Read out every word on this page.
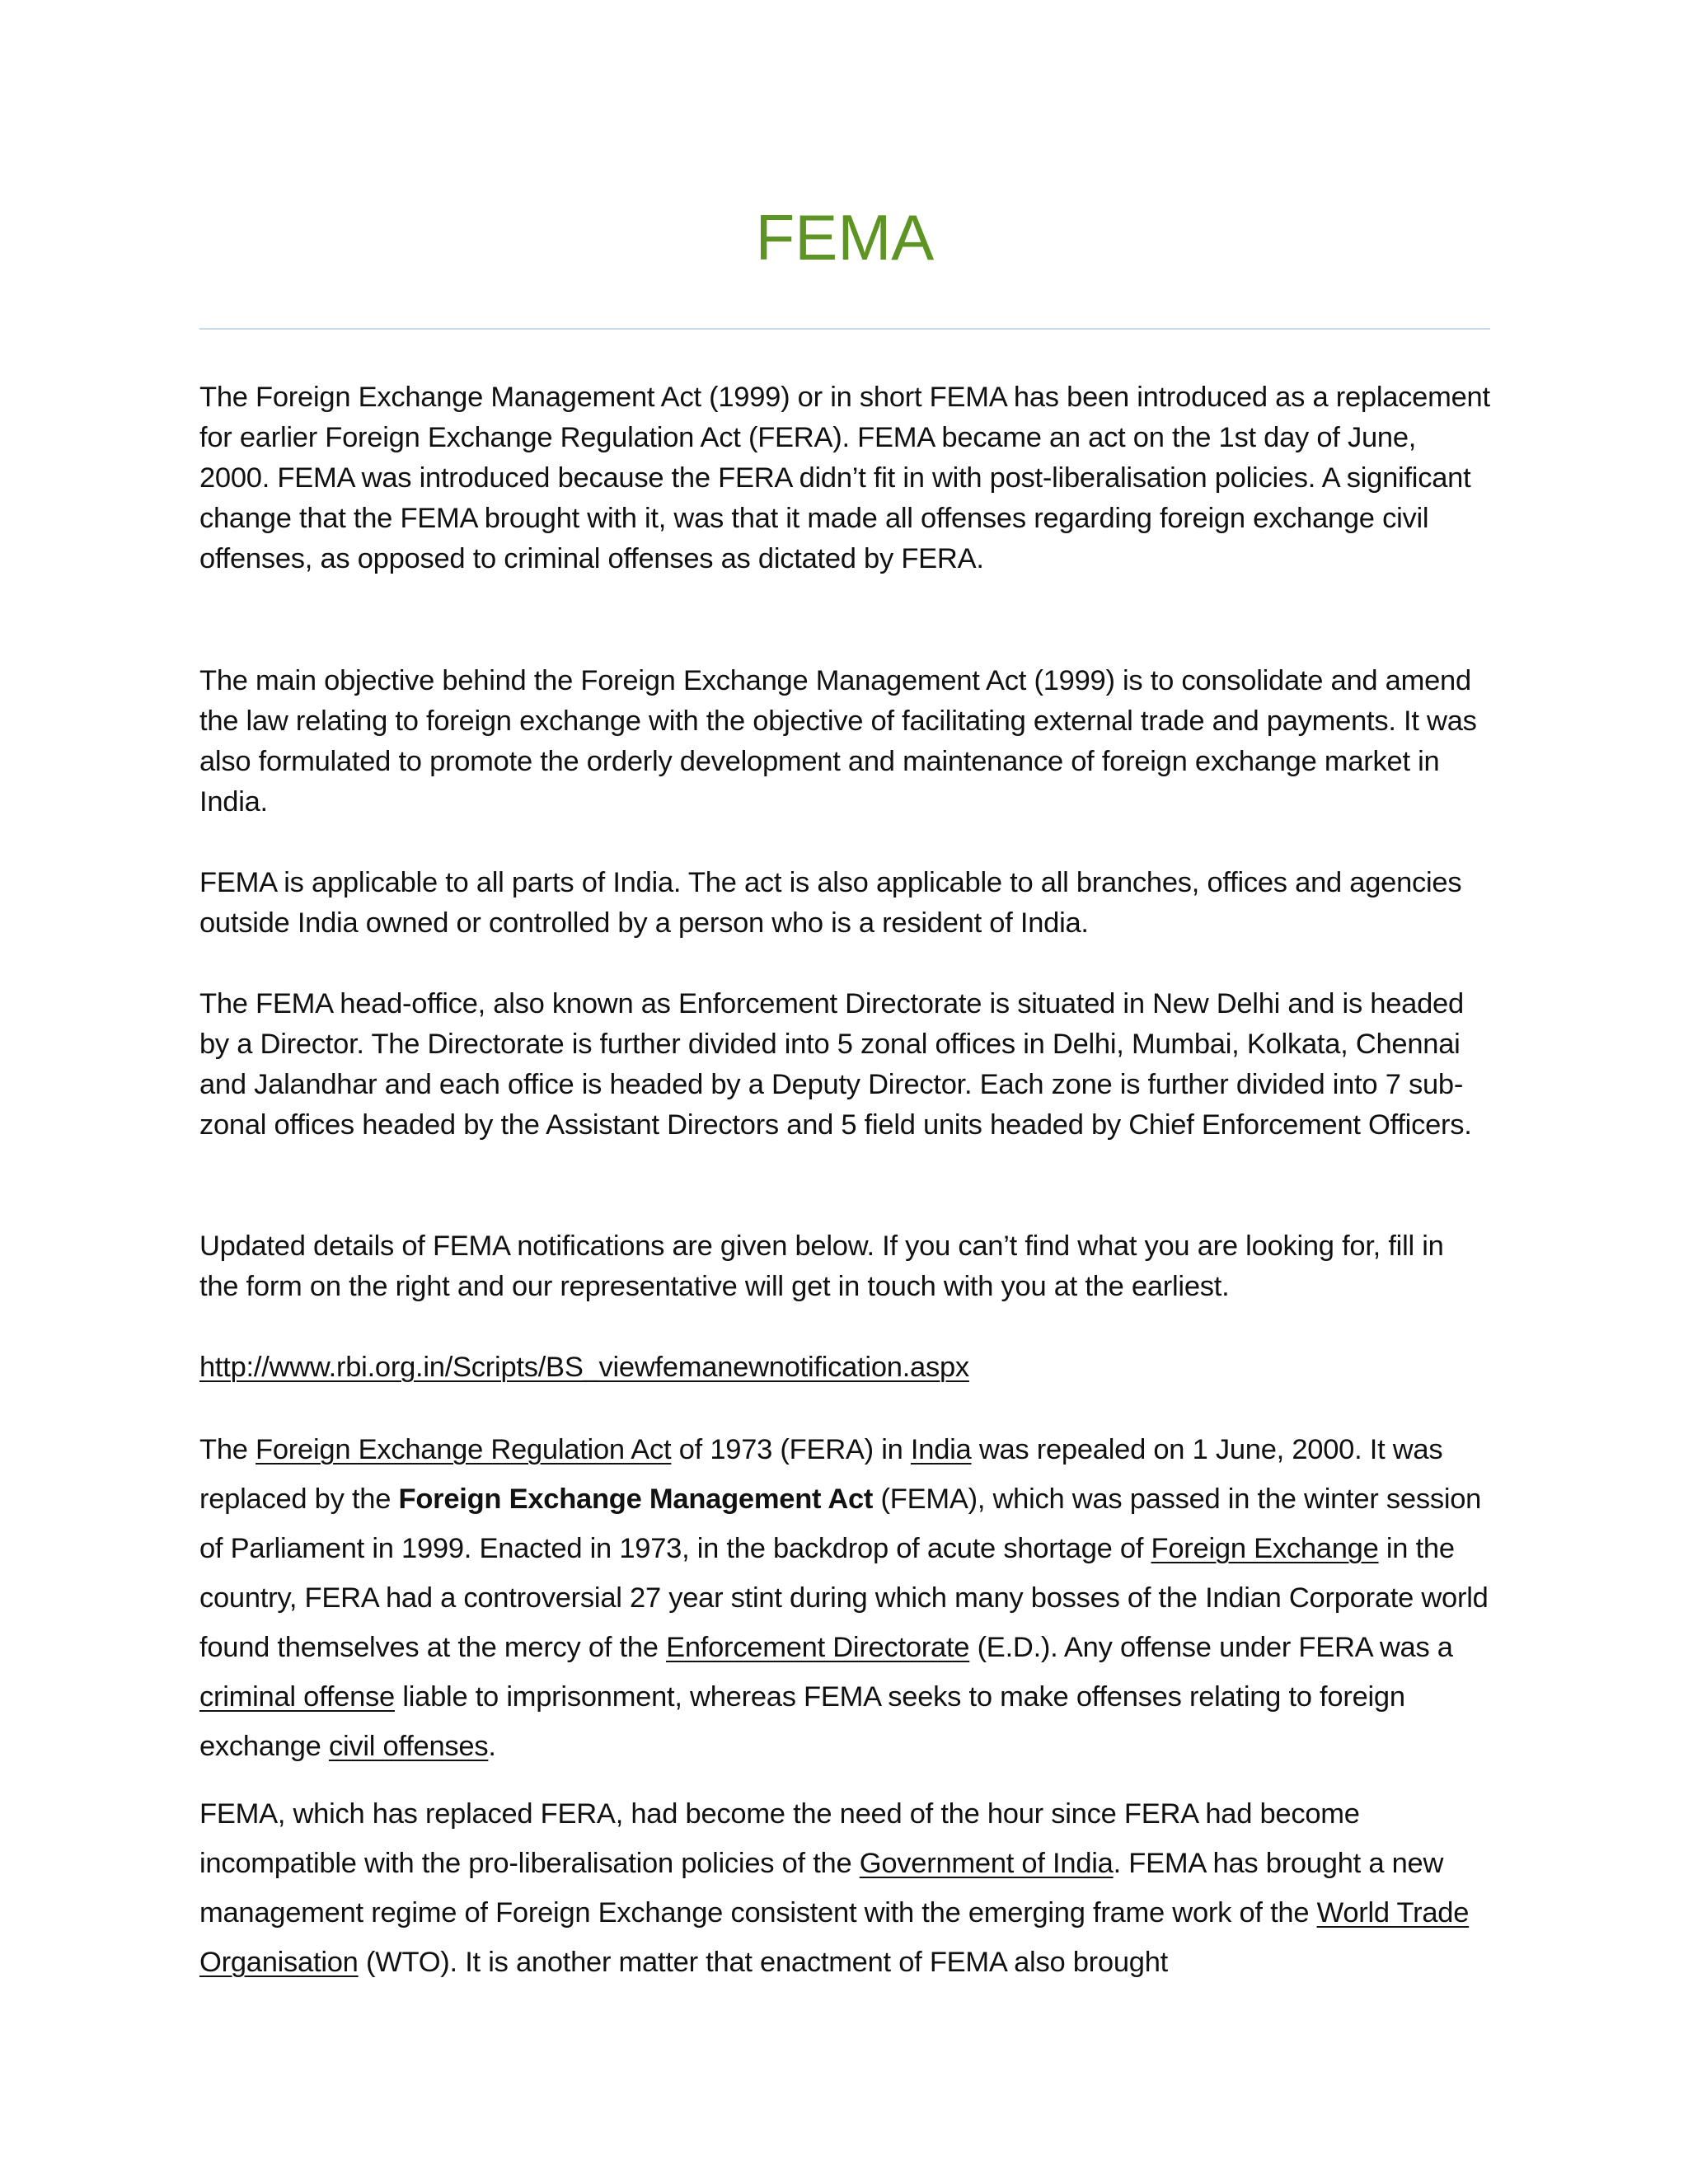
FEMA

The Foreign Exchange Management Act (1999) or in short FEMA has been introduced as a replacement for earlier Foreign Exchange Regulation Act (FERA). FEMA became an act on the 1st day of June, 2000. FEMA was introduced because the FERA didn’t fit in with post-liberalisation policies. A significant change that the FEMA brought with it, was that it made all offenses regarding foreign exchange civil offenses, as opposed to criminal offenses as dictated by FERA.

The main objective behind the Foreign Exchange Management Act (1999) is to consolidate and amend the law relating to foreign exchange with the objective of facilitating external trade and payments. It was also formulated to promote the orderly development and maintenance of foreign exchange market in India.

FEMA is applicable to all parts of India. The act is also applicable to all branches, offices and agencies outside India owned or controlled by a person who is a resident of India.

The FEMA head-office, also known as Enforcement Directorate is situated in New Delhi and is headed by a Director. The Directorate is further divided into 5 zonal offices in Delhi, Mumbai, Kolkata, Chennai and Jalandhar and each office is headed by a Deputy Director. Each zone is further divided into 7 sub-zonal offices headed by the Assistant Directors and 5 field units headed by Chief Enforcement Officers.

Updated details of FEMA notifications are given below. If you can’t find what you are looking for, fill in the form on the right and our representative will get in touch with you at the earliest.

http://www.rbi.org.in/Scripts/BS_viewfemanewnotification.aspx

The Foreign Exchange Regulation Act of 1973 (FERA) in India was repealed on 1 June, 2000. It was replaced by the Foreign Exchange Management Act (FEMA), which was passed in the winter session of Parliament in 1999. Enacted in 1973, in the backdrop of acute shortage of Foreign Exchange in the country, FERA had a controversial 27 year stint during which many bosses of the Indian Corporate world found themselves at the mercy of the Enforcement Directorate (E.D.). Any offense under FERA was a criminal offense liable to imprisonment, whereas FEMA seeks to make offenses relating to foreign exchange civil offenses.

FEMA, which has replaced FERA, had become the need of the hour since FERA had become incompatible with the pro-liberalisation policies of the Government of India. FEMA has brought a new management regime of Foreign Exchange consistent with the emerging frame work of the World Trade Organisation (WTO). It is another matter that enactment of FEMA also brought
